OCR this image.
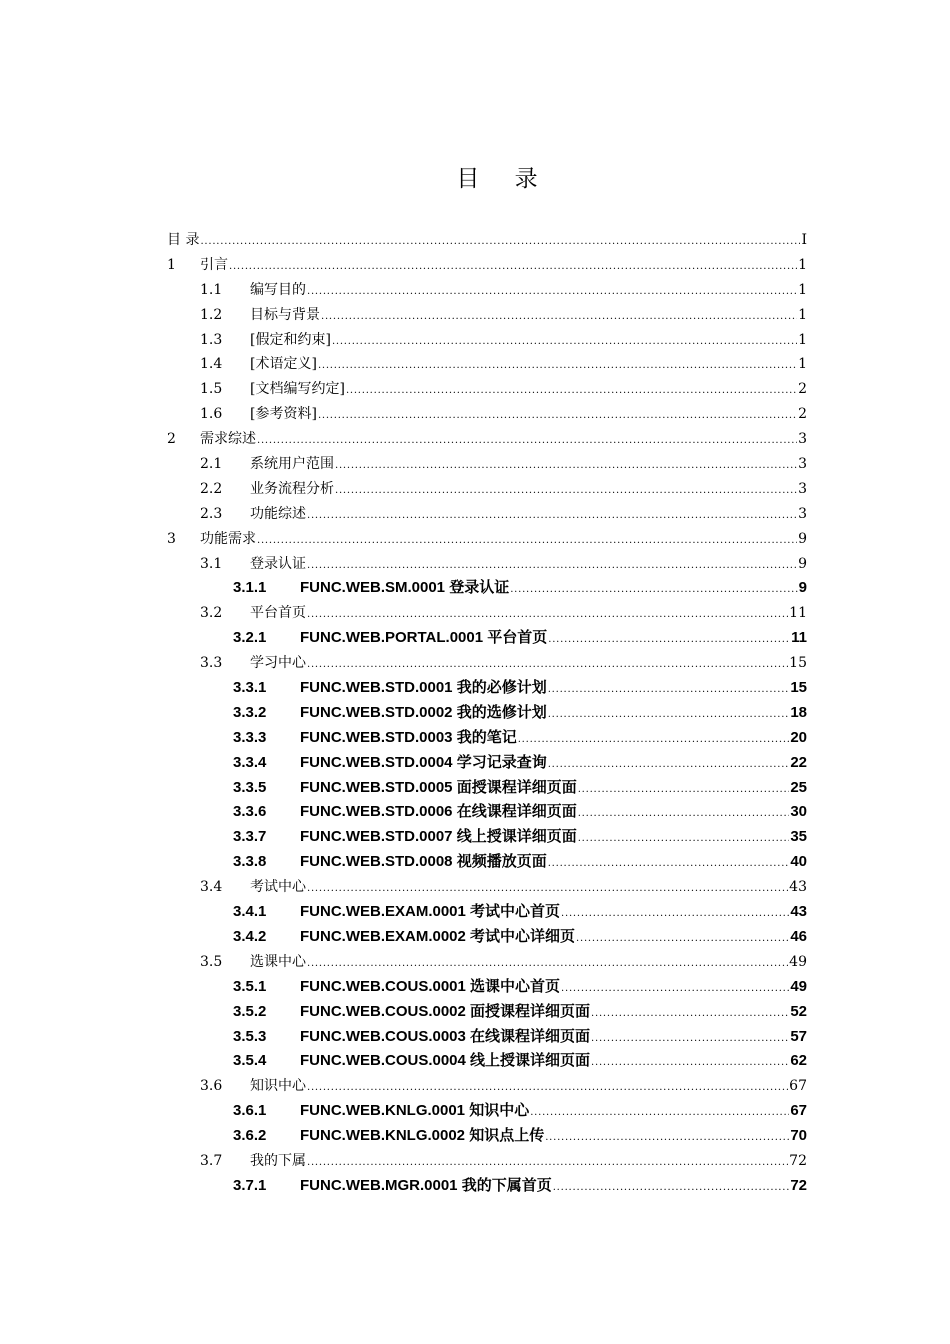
目 录
目 录 . . .	I
1	引言 . . .	1
1.1	编写目的 . . .	1
1.2	目标与背景 . . .	1
1.3	[假定和约束] . . .	1
1.4	[术语定义] . . .	1
1.5	[文档编写约定] . . .	2
1.6	[参考资料] . . .	2
2	需求综述 . . .	3
2.1	系统用户范围 . . .	3
2.2	业务流程分析 . . .	3
2.3	功能综述 . . .	3
3	功能需求 . . .	9
3.1	登录认证 . . .	9
3.1.1	FUNC.WEB.SM.0001 登录认证 . . .	9
3.2	平台首页 . . .	11
3.2.1	FUNC.WEB.PORTAL.0001 平台首页 . . .	11
3.3	学习中心 . . .	15
3.3.1	FUNC.WEB.STD.0001 我的必修计划 . . .	15
3.3.2	FUNC.WEB.STD.0002 我的选修计划 . . .	18
3.3.3	FUNC.WEB.STD.0003 我的笔记 . . .	20
3.3.4	FUNC.WEB.STD.0004 学习记录查询 . . .	22
3.3.5	FUNC.WEB.STD.0005 面授课程详细页面 . . .	25
3.3.6	FUNC.WEB.STD.0006 在线课程详细页面 . . .	30
3.3.7	FUNC.WEB.STD.0007 线上授课详细页面 . . .	35
3.3.8	FUNC.WEB.STD.0008 视频播放页面 . . .	40
3.4	考试中心 . . .	43
3.4.1	FUNC.WEB.EXAM.0001 考试中心首页 . . .	43
3.4.2	FUNC.WEB.EXAM.0002 考试中心详细页 . . .	46
3.5	选课中心 . . .	49
3.5.1	FUNC.WEB.COUS.0001 选课中心首页 . . .	49
3.5.2	FUNC.WEB.COUS.0002 面授课程详细页面 . . .	52
3.5.3	FUNC.WEB.COUS.0003 在线课程详细页面 . . .	57
3.5.4	FUNC.WEB.COUS.0004 线上授课详细页面 . . .	62
3.6	知识中心 . . .	67
3.6.1	FUNC.WEB.KNLG.0001 知识中心 . . .	67
3.6.2	FUNC.WEB.KNLG.0002 知识点上传 . . .	70
3.7	我的下属 . . .	72
3.7.1	FUNC.WEB.MGR.0001 我的下属首页 . . .	72
